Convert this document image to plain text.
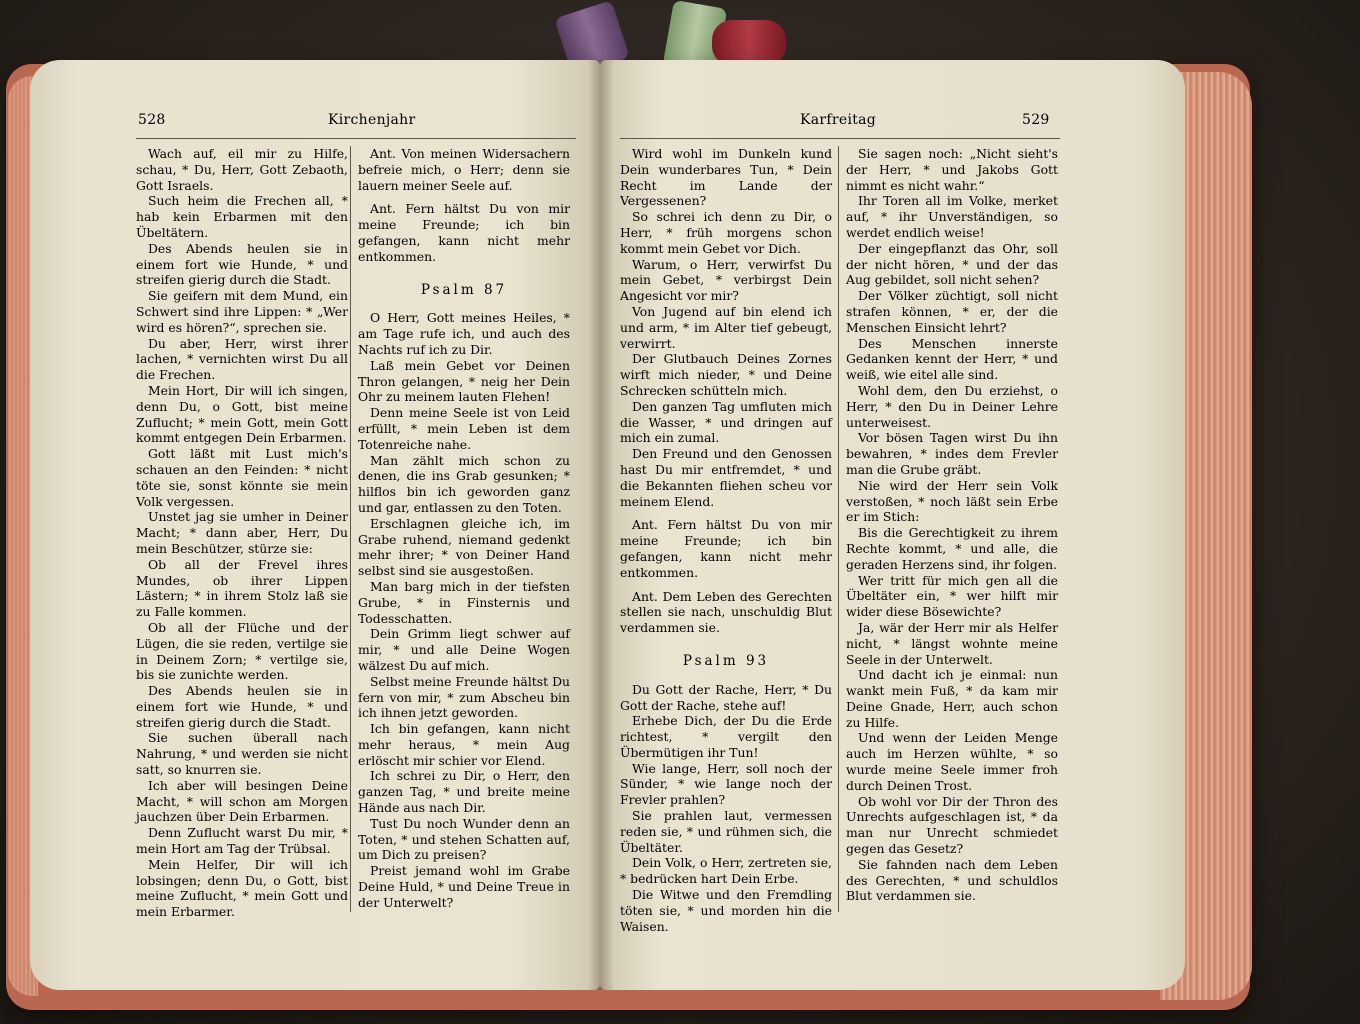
528	Kirchenjahr	Karfreitag	529

Wach auf, eil mir zu Hilfe, schau, * Du, Herr, Gott Zebaoth, Gott Israels.

Such heim die Frechen all, * hab kein Erbarmen mit den Übeltätern.

Des Abends heulen sie in einem fort wie Hunde, * und streifen gierig durch die Stadt.

Sie geifern mit dem Mund, ein Schwert sind ihre Lippen: * „Wer wird es hören?“, sprechen sie.

Du aber, Herr, wirst ihrer lachen, * vernichten wirst Du all die Frechen.

Mein Hort, Dir will ich singen, denn Du, o Gott, bist meine Zuflucht; * mein Gott, mein Gott kommt entgegen Dein Erbarmen.

Gott läßt mit Lust mich's schauen an den Feinden: * nicht töte sie, sonst könnte sie mein Volk vergessen.

Unstet jag sie umher in Deiner Macht; * dann aber, Herr, Du mein Beschützer, stürze sie:

Ob all der Frevel ihres Mundes, ob ihrer Lippen Lästern; * in ihrem Stolz laß sie zu Falle kommen.

Ob all der Flüche und der Lügen, die sie reden, vertilge sie in Deinem Zorn; * vertilge sie, bis sie zunichte werden.

Des Abends heulen sie in einem fort wie Hunde, * und streifen gierig durch die Stadt.

Sie suchen überall nach Nahrung, * und werden sie nicht satt, so knurren sie.

Ich aber will besingen Deine Macht, * will schon am Morgen jauchzen über Dein Erbarmen.

Denn Zuflucht warst Du mir, * mein Hort am Tag der Trübsal.

Mein Helfer, Dir will ich lobsingen; denn Du, o Gott, bist meine Zuflucht, * mein Gott und mein Erbarmer.

Ant. Von meinen Widersachern befreie mich, o Herr; denn sie lauern meiner Seele auf.

Ant. Fern hältst Du von mir meine Freunde; ich bin gefangen, kann nicht mehr entkommen.

Psalm 87

O Herr, Gott meines Heiles, * am Tage rufe ich, und auch des Nachts ruf ich zu Dir.

Laß mein Gebet vor Deinen Thron gelangen, * neig her Dein Ohr zu meinem lauten Flehen!

Denn meine Seele ist von Leid erfüllt, * mein Leben ist dem Totenreiche nahe.

Man zählt mich schon zu denen, die ins Grab gesunken; * hilflos bin ich geworden ganz und gar, entlassen zu den Toten.

Erschlagnen gleiche ich, im Grabe ruhend, niemand gedenkt mehr ihrer; * von Deiner Hand selbst sind sie ausgestoßen.

Man barg mich in der tiefsten Grube, * in Finsternis und Todesschatten.

Dein Grimm liegt schwer auf mir, * und alle Deine Wogen wälzest Du auf mich.

Selbst meine Freunde hältst Du fern von mir, * zum Abscheu bin ich ihnen jetzt geworden.

Ich bin gefangen, kann nicht mehr heraus, * mein Aug erlöscht mir schier vor Elend.

Ich schrei zu Dir, o Herr, den ganzen Tag, * und breite meine Hände aus nach Dir.

Tust Du noch Wunder denn an Toten, * und stehen Schatten auf, um Dich zu preisen?

Preist jemand wohl im Grabe Deine Huld, * und Deine Treue in der Unterwelt?

Wird wohl im Dunkeln kund Dein wunderbares Tun, * Dein Recht im Lande der Vergessenen?

So schrei ich denn zu Dir, o Herr, * früh morgens schon kommt mein Gebet vor Dich.

Warum, o Herr, verwirfst Du mein Gebet, * verbirgst Dein Angesicht vor mir?

Von Jugend auf bin elend ich und arm, * im Alter tief gebeugt, verwirrt.

Der Glutbauch Deines Zornes wirft mich nieder, * und Deine Schrecken schütteln mich.

Den ganzen Tag umfluten mich die Wasser, * und dringen auf mich ein zumal.

Den Freund und den Genossen hast Du mir entfremdet, * und die Bekannten fliehen scheu vor meinem Elend.

Ant. Fern hältst Du von mir meine Freunde; ich bin gefangen, kann nicht mehr entkommen.

Ant. Dem Leben des Gerechten stellen sie nach, unschuldig Blut verdammen sie.

Psalm 93

Du Gott der Rache, Herr, * Du Gott der Rache, stehe auf!

Erhebe Dich, der Du die Erde richtest, * vergilt den Übermütigen ihr Tun!

Wie lange, Herr, soll noch der Sünder, * wie lange noch der Frevler prahlen?

Sie prahlen laut, vermessen reden sie, * und rühmen sich, die Übeltäter.

Dein Volk, o Herr, zertreten sie, * bedrücken hart Dein Erbe.

Die Witwe und den Fremdling töten sie, * und morden hin die Waisen.

Sie sagen noch: „Nicht sieht's der Herr, * und Jakobs Gott nimmt es nicht wahr.“

Ihr Toren all im Volke, merket auf, * ihr Unverständigen, so werdet endlich weise!

Der eingepflanzt das Ohr, soll der nicht hören, * und der das Aug gebildet, soll nicht sehen?

Der Völker züchtigt, soll nicht strafen können, * er, der die Menschen Einsicht lehrt?

Des Menschen innerste Gedanken kennt der Herr, * und weiß, wie eitel alle sind.

Wohl dem, den Du erziehst, o Herr, * den Du in Deiner Lehre unterweisest.

Vor bösen Tagen wirst Du ihn bewahren, * indes dem Frevler man die Grube gräbt.

Nie wird der Herr sein Volk verstoßen, * noch läßt sein Erbe er im Stich:

Bis die Gerechtigkeit zu ihrem Rechte kommt, * und alle, die geraden Herzens sind, ihr folgen.

Wer tritt für mich gen all die Übeltäter ein, * wer hilft mir wider diese Bösewichte?

Ja, wär der Herr mir als Helfer nicht, * längst wohnte meine Seele in der Unterwelt.

Und dacht ich je einmal: nun wankt mein Fuß, * da kam mir Deine Gnade, Herr, auch schon zu Hilfe.

Und wenn der Leiden Menge auch im Herzen wühlte, * so wurde meine Seele immer froh durch Deinen Trost.

Ob wohl vor Dir der Thron des Unrechts aufgeschlagen ist, * da man nur Unrecht schmiedet gegen das Gesetz?

Sie fahnden nach dem Leben des Gerechten, * und schuldlos Blut verdammen sie.
